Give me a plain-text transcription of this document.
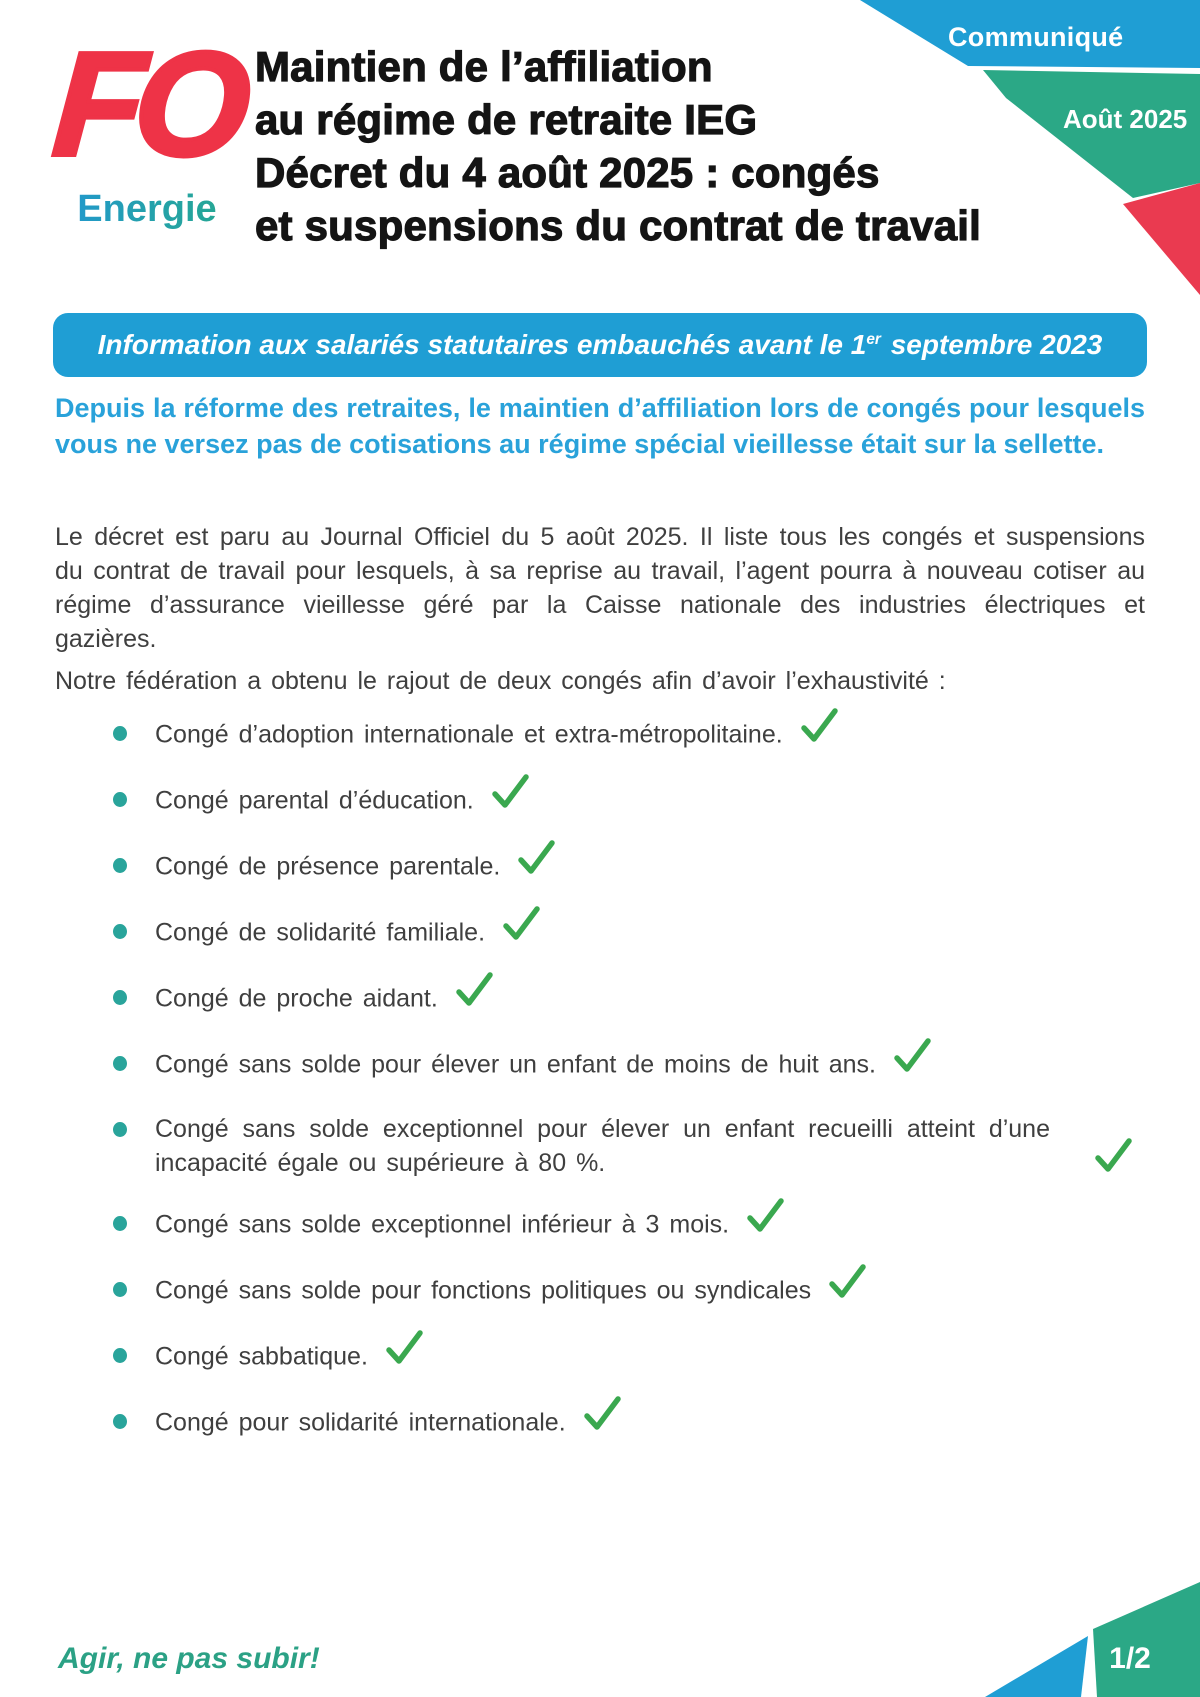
Communiqué
Août 2025
FO
Energie
Maintien de l’affiliation
au régime de retraite IEG
Décret du 4 août 2025 : congés
et suspensions du contrat de travail
Information aux salariés statutaires embauchés avant le 1er septembre 2023

Depuis la réforme des retraites, le maintien d’affiliation lors de congés pour lesquels vous ne versez pas de cotisations au régime spécial vieillesse était sur la sellette.

Le décret est paru au Journal Officiel du 5 août 2025. Il liste tous les congés et suspensions du contrat de travail pour lesquels, à sa reprise au travail, l’agent pourra à nouveau cotiser au régime d’assurance vieillesse géré par la Caisse nationale des industries électriques et gazières.

Notre fédération a obtenu le rajout de deux congés afin d’avoir l’exhaustivité :

Congé d’adoption internationale et extra-métropolitaine.
Congé parental d’éducation.
Congé de présence parentale.
Congé de solidarité familiale.
Congé de proche aidant.
Congé sans solde pour élever un enfant de moins de huit ans.
Congé sans solde exceptionnel pour élever un enfant recueilli atteint d’une incapacité égale ou supérieure à 80 %.
Congé sans solde exceptionnel inférieur à 3 mois.
Congé sans solde pour fonctions politiques ou syndicales
Congé sabbatique.
Congé pour solidarité internationale.
Agir, ne pas subir!	1/2
